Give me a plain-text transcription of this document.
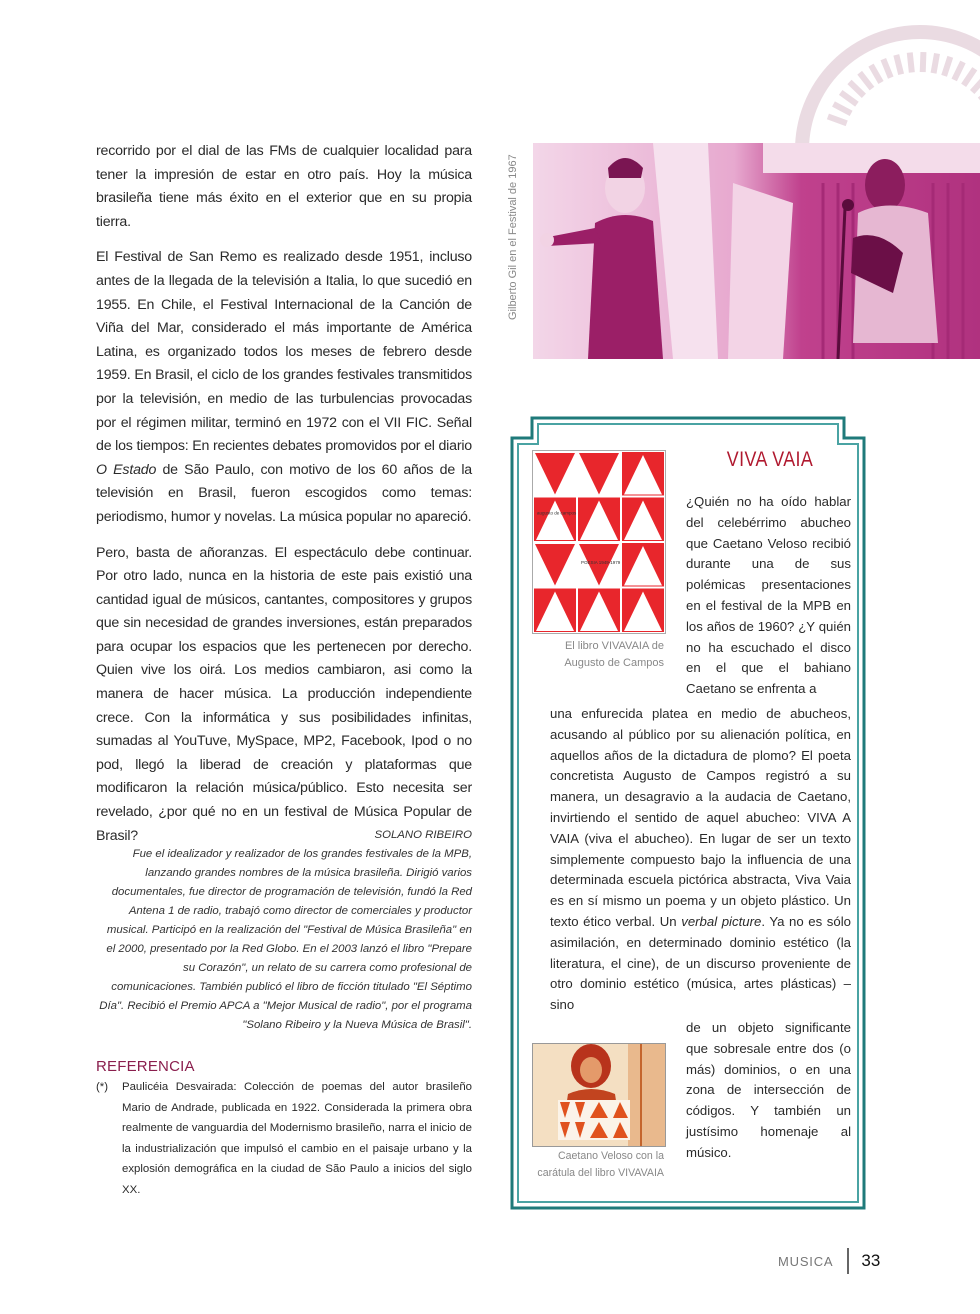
recorrido por el dial de las FMs de cualquier localidad para tener la impresión de estar en otro país. Hoy la música brasileña tiene más éxito en el exterior que en su propia tierra.

El Festival de San Remo es realizado desde 1951, incluso antes de la llegada de la televisión a Italia, lo que sucedió en 1955. En Chile, el Festival Internacional de la Canción de Viña del Mar, considerado el más importante de América Latina, es organizado todos los meses de febrero desde 1959. En Brasil, el ciclo de los grandes festivales transmitidos por la televisión, en medio de las turbulencias provocadas por el régimen militar, terminó en 1972 con el VII FIC. Señal de los tiempos: En recientes debates promovidos por el diario O Estado de São Paulo, con motivo de los 60 años de la televisión en Brasil, fueron escogidos como temas: periodismo, humor y novelas. La música popular no apareció.

Pero, basta de añoranzas. El espectáculo debe continuar. Por otro lado, nunca en la historia de este pais existió una cantidad igual de músicos, cantantes, compositores y grupos que sin necesidad de grandes inversiones, están preparados para ocupar los espacios que les pertenecen por derecho. Quien vive los oirá. Los medios cambiaron, asi como la manera de hacer música. La producción independiente crece. Con la informática y sus posibilidades infinitas, sumadas al YouTuve, MySpace, MP2, Facebook, Ipod o no pod, llegó la liberad de creación y plataformas que modificaron la relación música/público. Esto necesita ser revelado, ¿por qué no en un festival de Música Popular de Brasil?	SOLANO RIBEIRO
Fue el idealizador y realizador de los grandes festivales de la MPB, lanzando grandes nombres de la música brasileña. Dirigió varios documentales, fue director de programación de televisión, fundó la Red Antena 1 de radio, trabajó como director de comerciales y productor musical. Participó en la realización del "Festival de Música Brasileña" en el 2000, presentado por la Red Globo. En el 2003 lanzó el libro "Prepare su Corazón", un relato de su carrera como profesional de comunicaciones. También publicó el libro de ficción titulado "El Séptimo Día". Recibió el Premio APCA a "Mejor Musical de radio", por el programa "Solano Ribeiro y la Nueva Música de Brasil".
REFERENCIA
(*)	Paulicéia Desvairada: Colección de poemas del autor brasileño Mario de Andrade, publicada en 1922. Considerada la primera obra realmente de vanguardia del Modernismo brasileño, narra el inicio de la industrialización que impulsó el cambio en el paisaje urbano y la explosión demográfica en la ciudad de São Paulo a inicios del siglo XX.
Gilberto Gil en el Festival de 1967
augusto de campos
POESIA 1949-1979
El libro VIVAVAIA de Augusto de Campos
VIVA VAIA
¿Quién no ha oído hablar del celebérrimo abucheo que Caetano Veloso recibió durante una de sus polémicas presentaciones en el festival de la MPB en los años de 1960? ¿Y quién no ha escuchado el disco en el que el bahiano Caetano se enfrenta a
una enfurecida platea en medio de abucheos, acusando al público por su alienación política, en aquellos años de la dictadura de plomo? El poeta concretista Augusto de Campos registró a su manera, un desagravio a la audacia de Caetano, invirtiendo el sentido de aquel abucheo: VIVA A VAIA (viva el abucheo). En lugar de ser un texto simplemente compuesto bajo la influencia de una determinada escuela pictórica abstracta, Viva Vaia es en sí mismo un poema y un objeto plástico. Un texto ético verbal. Un verbal picture. Ya no es sólo asimilación, en determinado dominio estético (la literatura, el cine), de un discurso proveniente de otro dominio estético (música, artes plásticas) – sino
de un objeto significante que sobresale entre dos (o más) dominios, o en una zona de intersección de códigos. Y también un justísimo homenaje al músico.
Caetano Veloso con la carátula del libro VIVAVAIA
MUSICA 33
